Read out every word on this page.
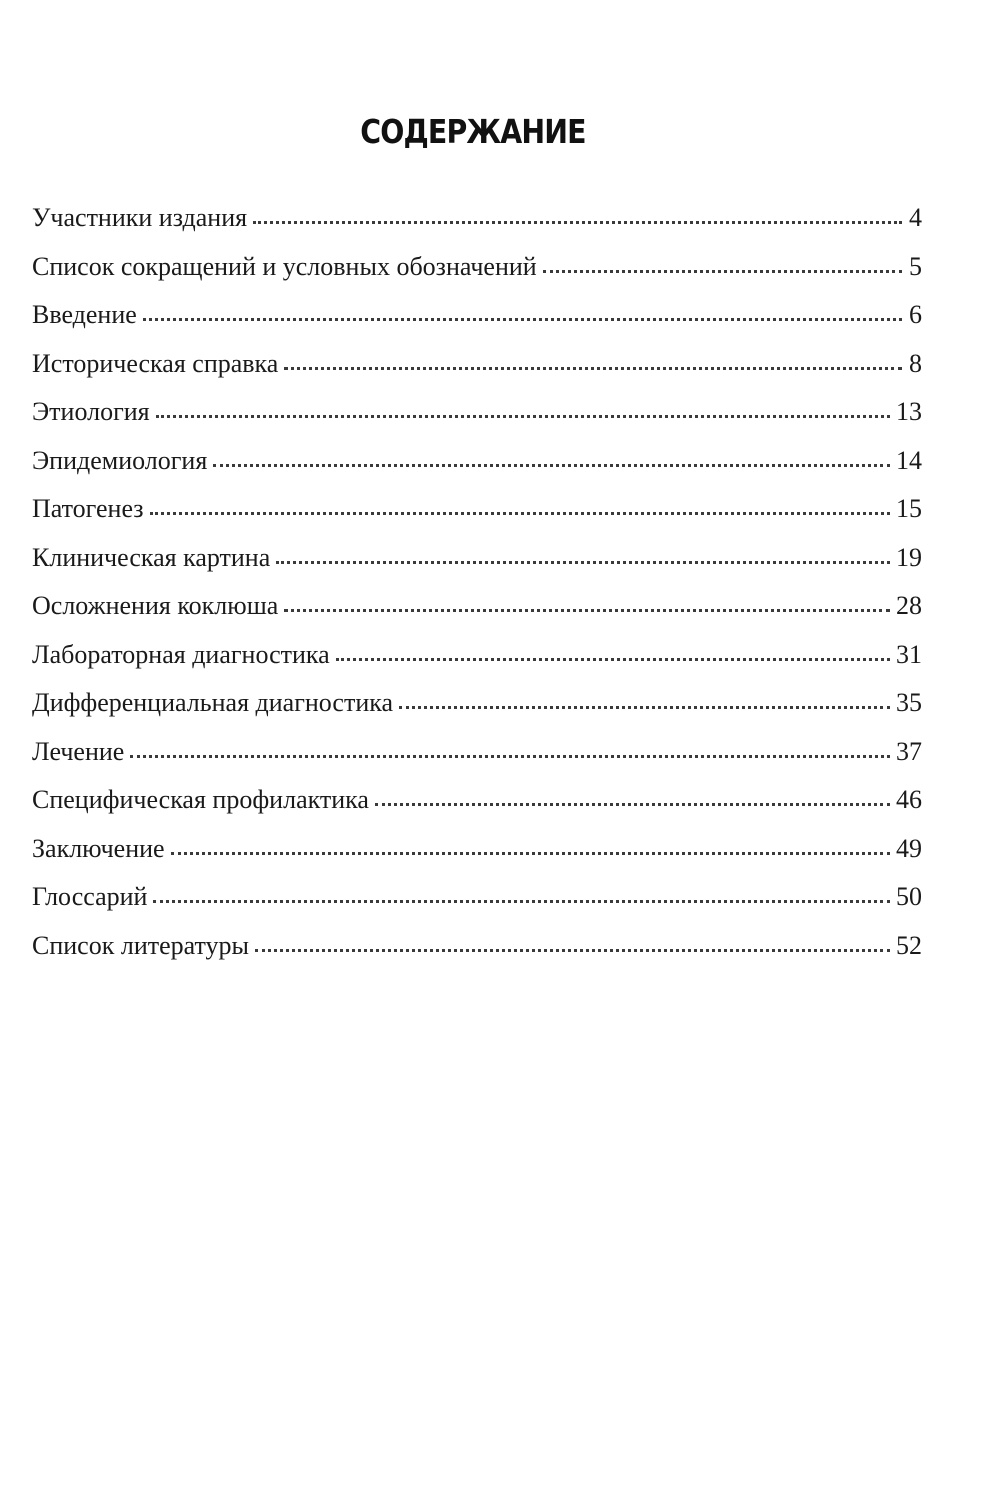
СОДЕРЖАНИЕ
Участники издания	4
Список сокращений и условных обозначений	5
Введение	6
Историческая справка	8
Этиология	13
Эпидемиология	14
Патогенез	15
Клиническая картина	19
Осложнения коклюша	28
Лабораторная диагностика	31
Дифференциальная диагностика	35
Лечение	37
Специфическая профилактика	46
Заключение	49
Глоссарий	50
Список литературы	52
